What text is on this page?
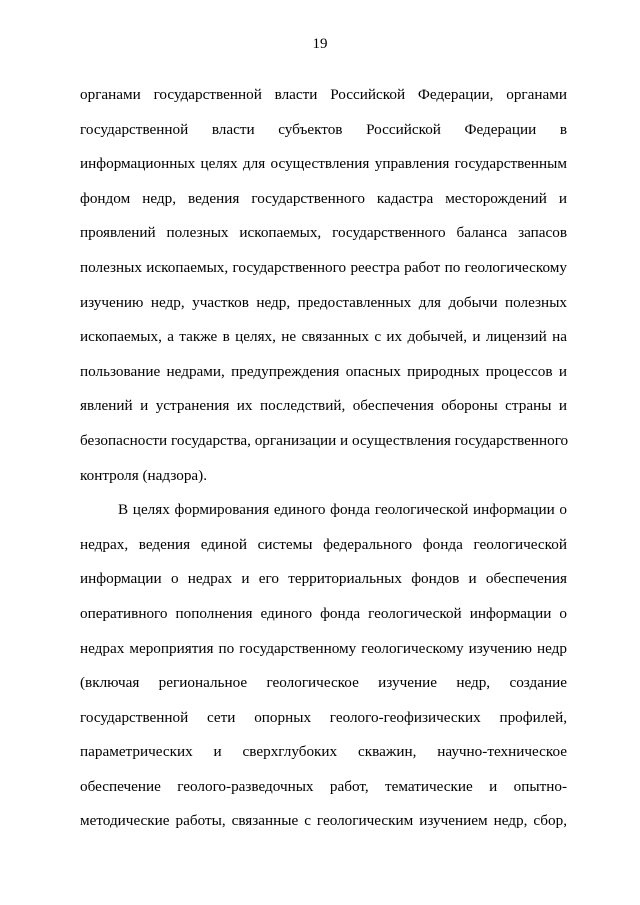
19
органами государственной власти Российской Федерации, органами
государственной власти субъектов Российской Федерации в
информационных целях для осуществления управления государственным
фондом недр, ведения государственного кадастра месторождений и
проявлений полезных ископаемых, государственного баланса запасов
полезных ископаемых, государственного реестра работ по геологическому
изучению недр, участков недр, предоставленных для добычи полезных
ископаемых, а также в целях, не связанных с их добычей, и лицензий на
пользование недрами, предупреждения опасных природных процессов и
явлений и устранения их последствий, обеспечения обороны страны и
безопасности государства, организации и осуществления государственного
контроля (надзора).
В целях формирования единого фонда геологической информации о
недрах, ведения единой системы федерального фонда геологической
информации о недрах и его территориальных фондов и обеспечения
оперативного пополнения единого фонда геологической информации о
недрах мероприятия по государственному геологическому изучению недр
(включая региональное геологическое изучение недр, создание
государственной сети опорных геолого-геофизических профилей,
параметрических и сверхглубоких скважин, научно-техническое
обеспечение геолого-разведочных работ, тематические и опытно-
методические работы, связанные с геологическим изучением недр, сбор,
